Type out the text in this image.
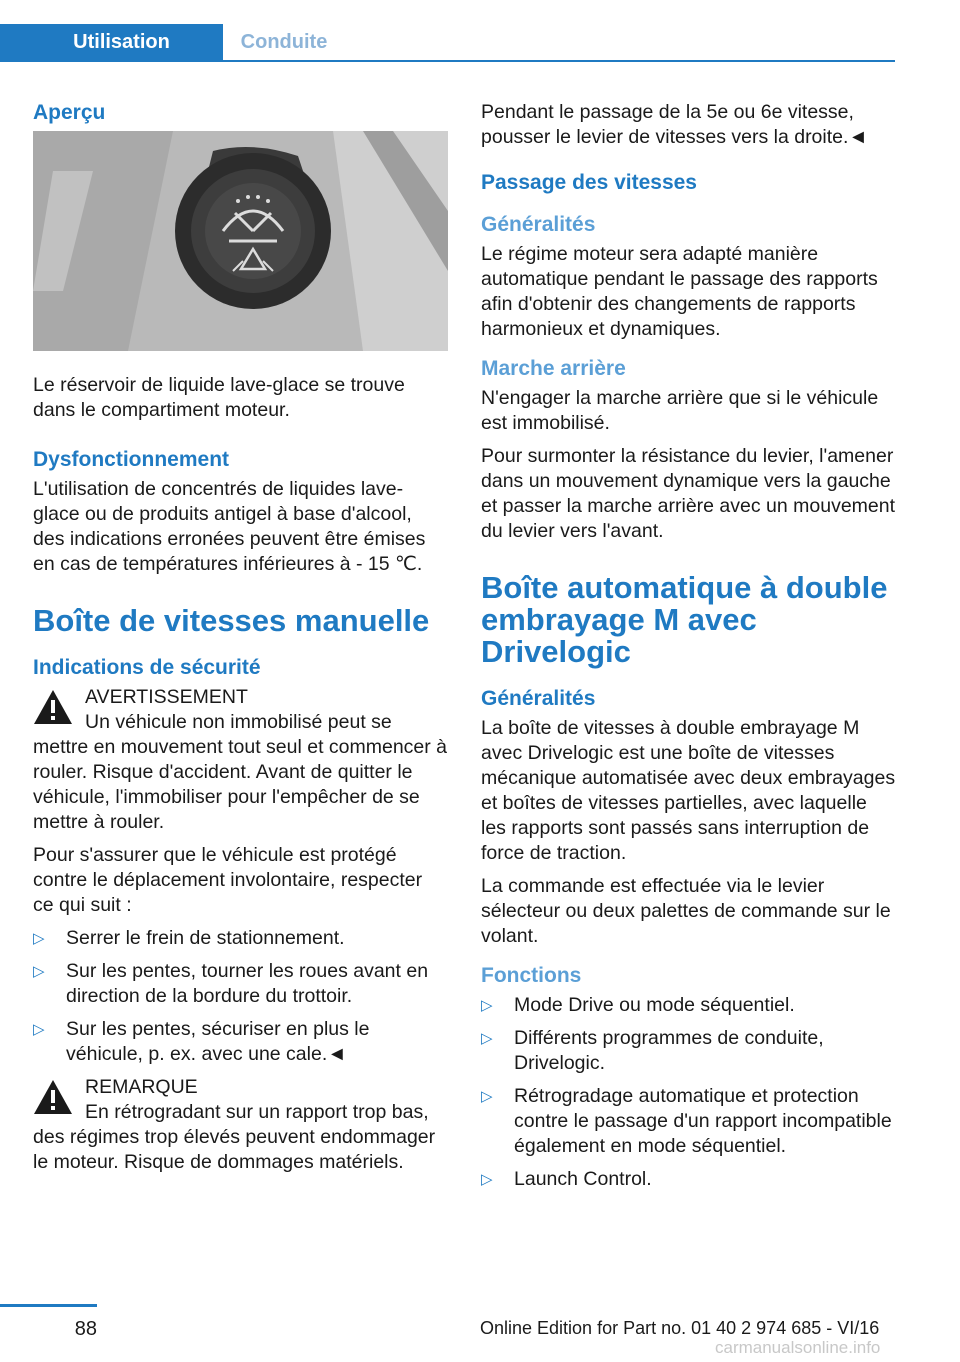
Utilisation	Conduite
Aperçu

Le réservoir de liquide lave-glace se trouve dans le compartiment moteur.

Dysfonctionnement

L'utilisation de concentrés de liquides lave-glace ou de produits antigel à base d'alcool, des indications erronées peuvent être émises en cas de températures inférieures à - 15 ℃.

Boîte de vitesses manuelle
Indications de sécurité
AVERTISSEMENT

Un véhicule non immobilisé peut se mettre en mouvement tout seul et commencer à rouler. Risque d'accident. Avant de quitter le véhicule, l'immobiliser pour l'empêcher de se mettre à rouler.

Pour s'assurer que le véhicule est protégé contre le déplacement involontaire, respecter ce qui suit :

▷ Serrer le frein de stationnement.
▷ Sur les pentes, tourner les roues avant en direction de la bordure du trottoir.
▷ Sur les pentes, sécuriser en plus le véhicule, p. ex. avec une cale.◄
REMARQUE

En rétrogradant sur un rapport trop bas, des régimes trop élevés peuvent endommager le moteur. Risque de dommages matériels.

Pendant le passage de la 5e ou 6e vitesse, pousser le levier de vitesses vers la droite.◄

Passage des vitesses
Généralités

Le régime moteur sera adapté manière automatique pendant le passage des rapports afin d'obtenir des changements de rapports harmonieux et dynamiques.

Marche arrière

N'engager la marche arrière que si le véhicule est immobilisé.

Pour surmonter la résistance du levier, l'amener dans un mouvement dynamique vers la gauche et passer la marche arrière avec un mouvement du levier vers l'avant.

Boîte automatique à double embrayage M avec Drivelogic
Généralités

La boîte de vitesses à double embrayage M avec Drivelogic est une boîte de vitesses mécanique automatisée avec deux embrayages et boîtes de vitesses partielles, avec laquelle les rapports sont passés sans interruption de force de traction.

La commande est effectuée via le levier sélecteur ou deux palettes de commande sur le volant.

Fonctions
▷ Mode Drive ou mode séquentiel.
▷ Différents programmes de conduite, Drivelogic.
▷ Rétrogradage automatique et protection contre le passage d'un rapport incompatible également en mode séquentiel.
▷ Launch Control.
88	Online Edition for Part no. 01 40 2 974 685 - VI/16
carmanualsonline.info
